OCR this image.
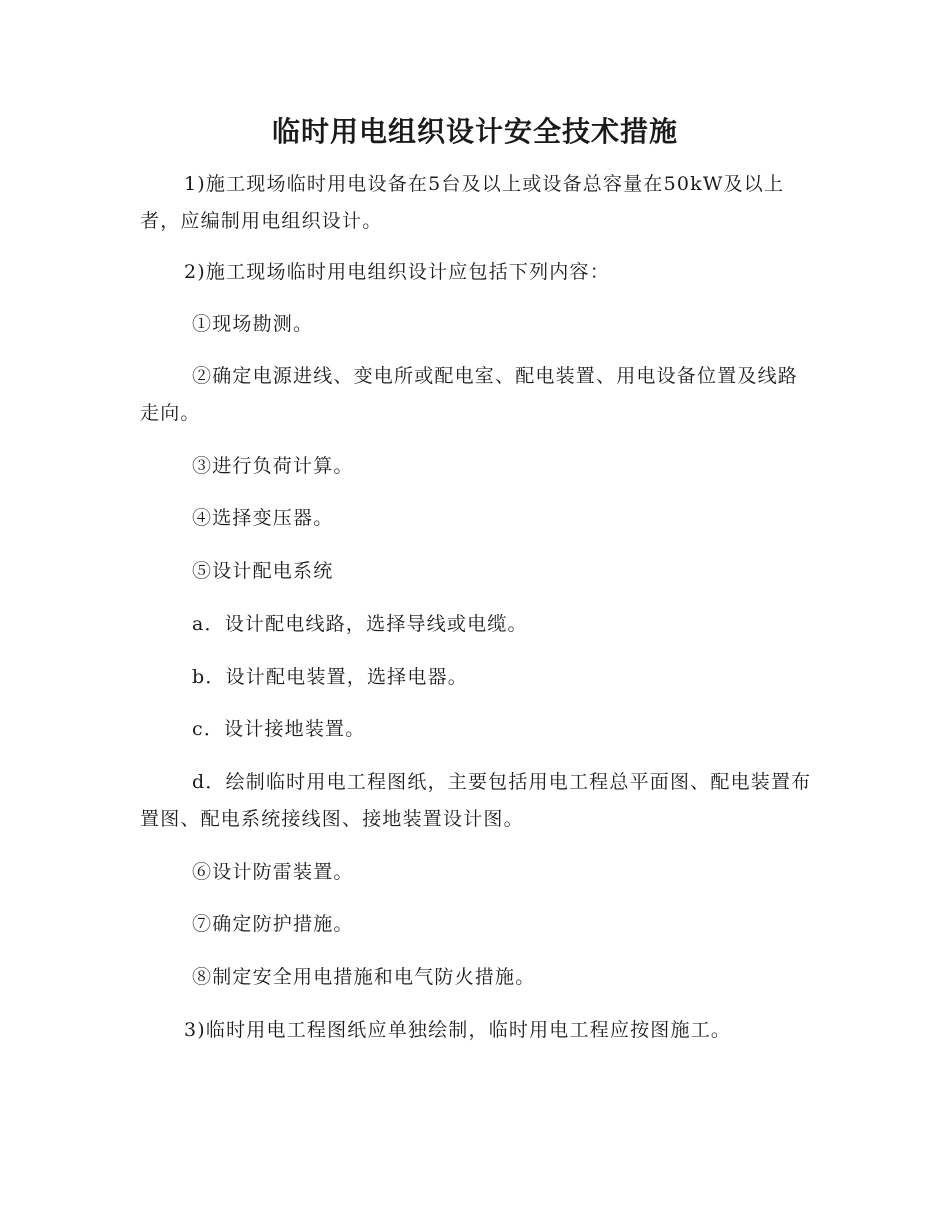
临时用电组织设计安全技术措施

1)施工现场临时用电设备在5台及以上或设备总容量在50kW及以上者，应编制用电组织设计。

2)施工现场临时用电组织设计应包括下列内容：

①现场勘测。

②确定电源进线、变电所或配电室、配电装置、用电设备位置及线路走向。

③进行负荷计算。

④选择变压器。

⑤设计配电系统

a．设计配电线路，选择导线或电缆。

b．设计配电装置，选择电器。

c．设计接地装置。

d．绘制临时用电工程图纸，主要包括用电工程总平面图、配电装置布置图、配电系统接线图、接地装置设计图。

⑥设计防雷装置。

⑦确定防护措施。

⑧制定安全用电措施和电气防火措施。

3)临时用电工程图纸应单独绘制，临时用电工程应按图施工。
